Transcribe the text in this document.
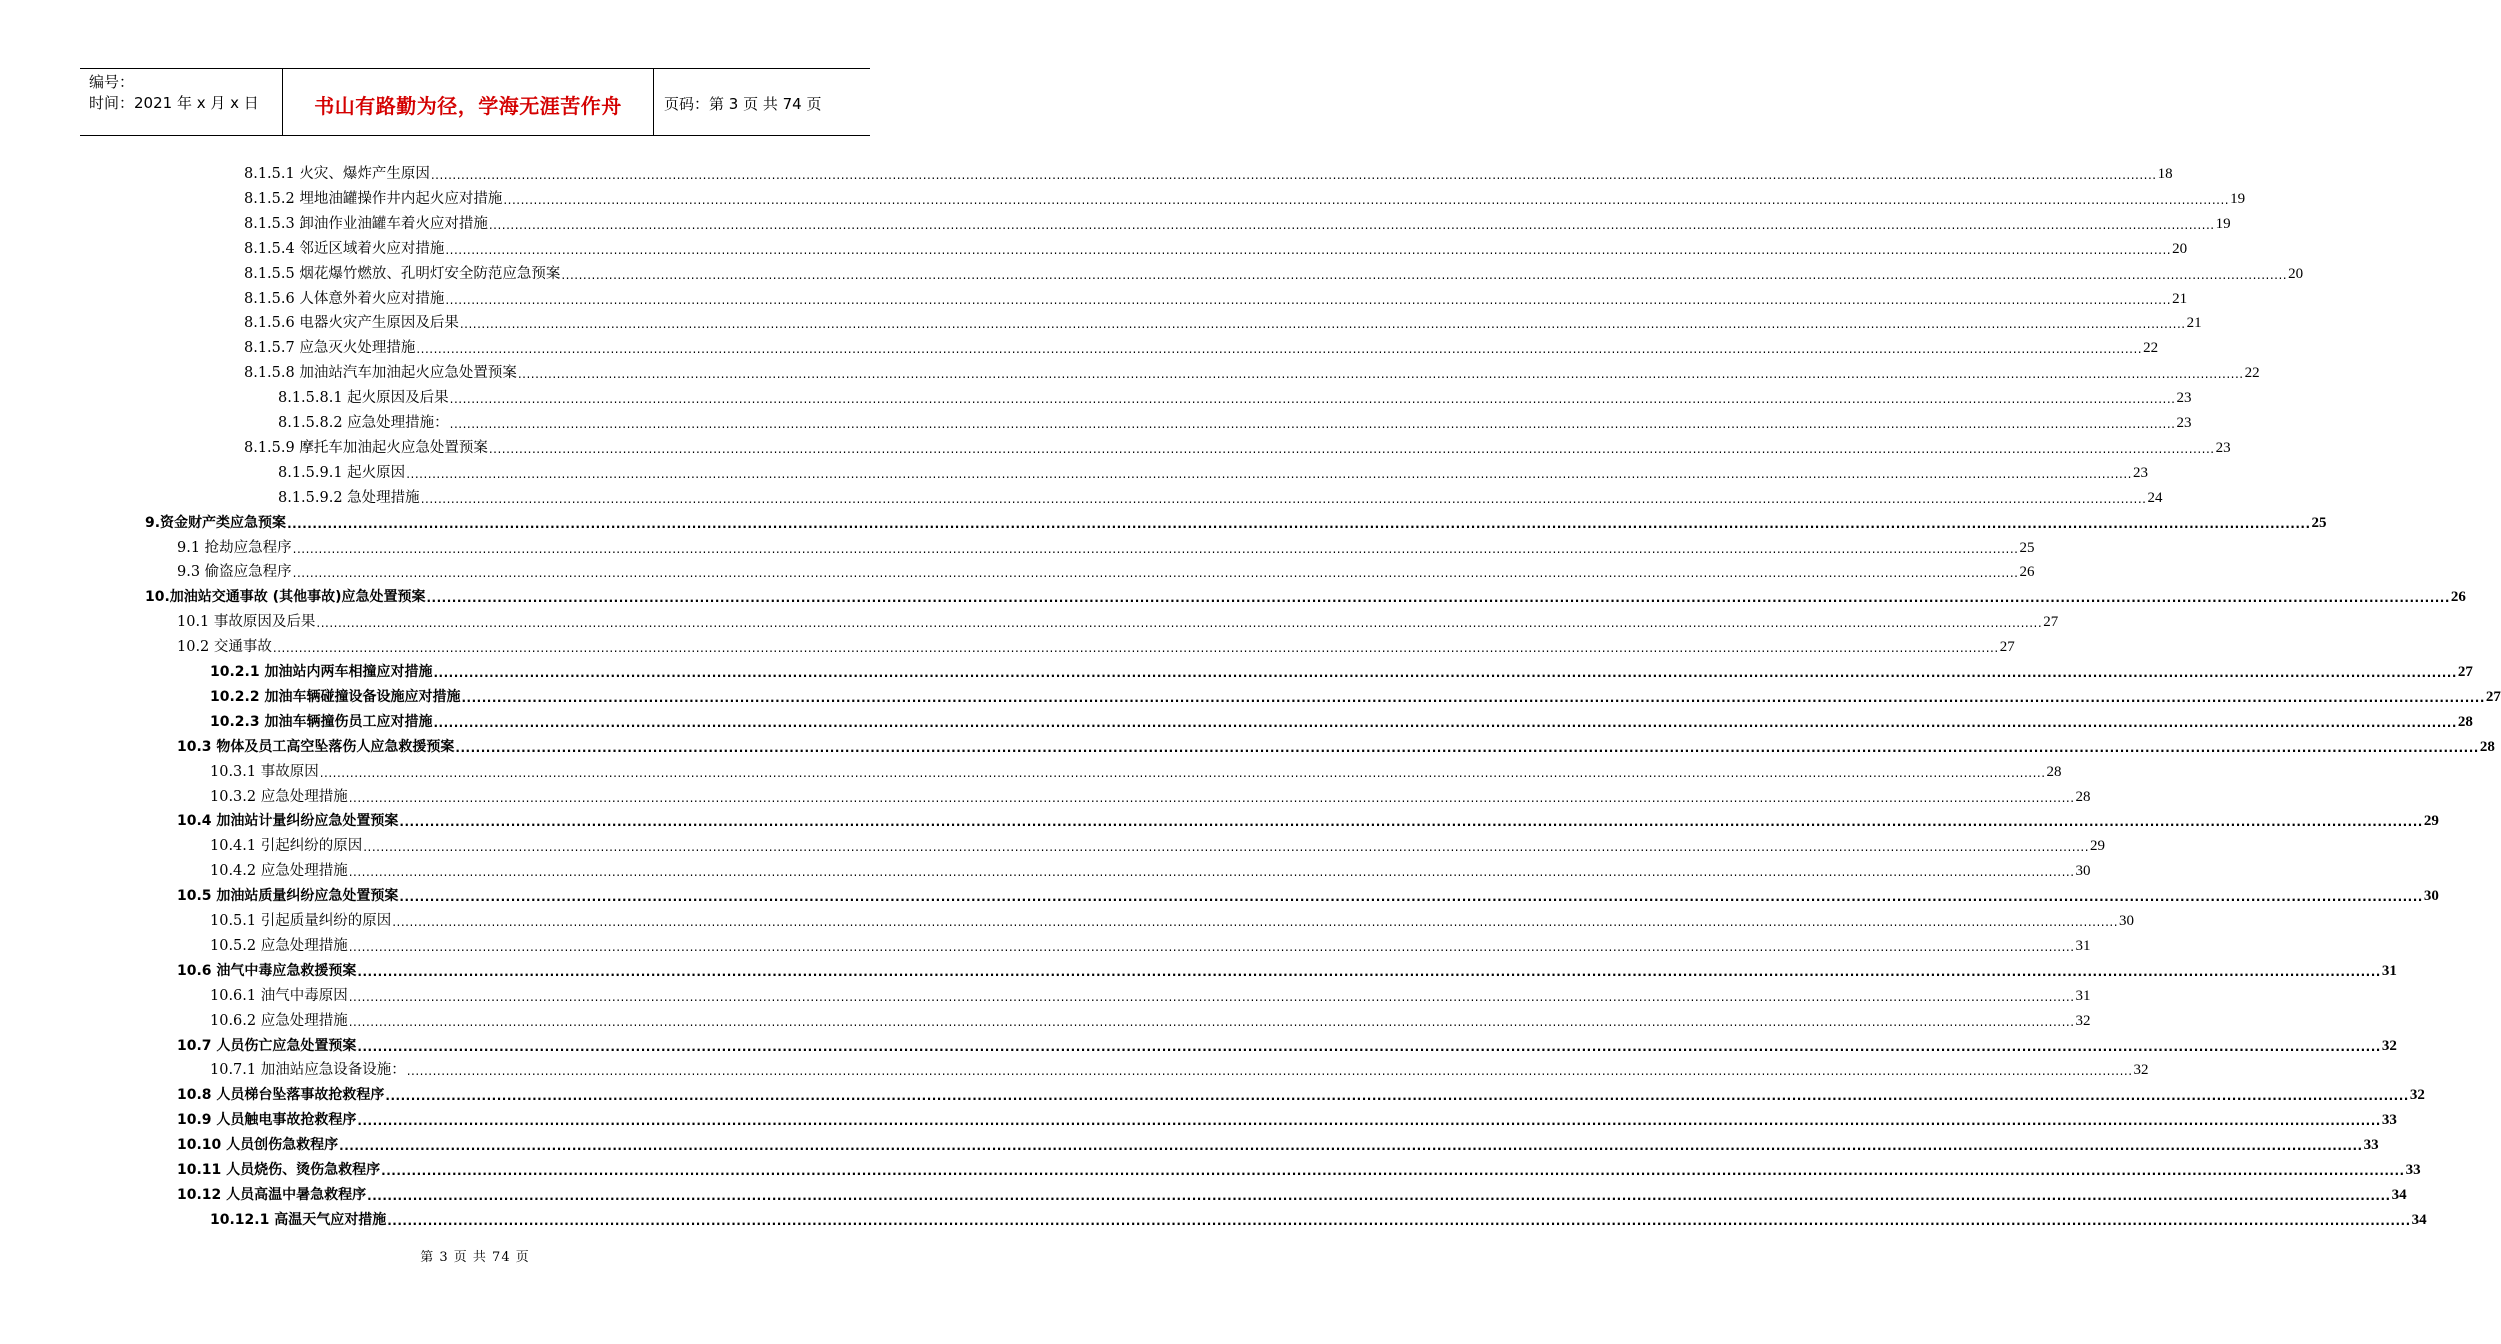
编号：
时间：2021 年 x 月 x 日	书山有路勤为径，学海无涯苦作舟	页码：第 3 页 共 74 页
8.1.5.1 火灾、爆炸产生原因 ................................................................................................................................................................................................................................................................................................................................................................................................................ 18
8.1.5.2 埋地油罐操作井内起火应对措施 ................................................................................................................................................................................................................................................................................................................................................................................................................ 19
8.1.5.3 卸油作业油罐车着火应对措施 ................................................................................................................................................................................................................................................................................................................................................................................................................ 19
8.1.5.4 邻近区域着火应对措施 ................................................................................................................................................................................................................................................................................................................................................................................................................ 20
8.1.5.5 烟花爆竹燃放、孔明灯安全防范应急预案 ................................................................................................................................................................................................................................................................................................................................................................................................................ 20
8.1.5.6 人体意外着火应对措施 ................................................................................................................................................................................................................................................................................................................................................................................................................ 21
8.1.5.6 电器火灾产生原因及后果 ................................................................................................................................................................................................................................................................................................................................................................................................................ 21
8.1.5.7 应急灭火处理措施 ................................................................................................................................................................................................................................................................................................................................................................................................................ 22
8.1.5.8 加油站汽车加油起火应急处置预案 ................................................................................................................................................................................................................................................................................................................................................................................................................ 22
8.1.5.8.1 起火原因及后果 ................................................................................................................................................................................................................................................................................................................................................................................................................ 23
8.1.5.8.2 应急处理措施： ................................................................................................................................................................................................................................................................................................................................................................................................................ 23
8.1.5.9 摩托车加油起火应急处置预案 ................................................................................................................................................................................................................................................................................................................................................................................................................ 23
8.1.5.9.1 起火原因 ................................................................................................................................................................................................................................................................................................................................................................................................................ 23
8.1.5.9.2 急处理措施 ................................................................................................................................................................................................................................................................................................................................................................................................................ 24
9.资金财产类应急预案 ................................................................................................................................................................................................................................................................................................................................................................................................................ 25
9.1 抢劫应急程序 ................................................................................................................................................................................................................................................................................................................................................................................................................ 25
9.3 偷盗应急程序 ................................................................................................................................................................................................................................................................................................................................................................................................................ 26
10.加油站交通事故 (其他事故)应急处置预案 ................................................................................................................................................................................................................................................................................................................................................................................................................ 26
10.1 事故原因及后果 ................................................................................................................................................................................................................................................................................................................................................................................................................ 27
10.2 交通事故 ................................................................................................................................................................................................................................................................................................................................................................................................................ 27
10.2.1 加油站内两车相撞应对措施 ................................................................................................................................................................................................................................................................................................................................................................................................................ 27
10.2.2 加油车辆碰撞设备设施应对措施 ................................................................................................................................................................................................................................................................................................................................................................................................................ 27
10.2.3 加油车辆撞伤员工应对措施 ................................................................................................................................................................................................................................................................................................................................................................................................................ 28
10.3 物体及员工高空坠落伤人应急救援预案 ................................................................................................................................................................................................................................................................................................................................................................................................................ 28
10.3.1 事故原因 ................................................................................................................................................................................................................................................................................................................................................................................................................ 28
10.3.2 应急处理措施 ................................................................................................................................................................................................................................................................................................................................................................................................................ 28
10.4 加油站计量纠纷应急处置预案 ................................................................................................................................................................................................................................................................................................................................................................................................................ 29
10.4.1 引起纠纷的原因 ................................................................................................................................................................................................................................................................................................................................................................................................................ 29
10.4.2 应急处理措施 ................................................................................................................................................................................................................................................................................................................................................................................................................ 30
10.5 加油站质量纠纷应急处置预案 ................................................................................................................................................................................................................................................................................................................................................................................................................ 30
10.5.1 引起质量纠纷的原因 ................................................................................................................................................................................................................................................................................................................................................................................................................ 30
10.5.2 应急处理措施 ................................................................................................................................................................................................................................................................................................................................................................................................................ 31
10.6 油气中毒应急救援预案 ................................................................................................................................................................................................................................................................................................................................................................................................................ 31
10.6.1 油气中毒原因 ................................................................................................................................................................................................................................................................................................................................................................................................................ 31
10.6.2 应急处理措施 ................................................................................................................................................................................................................................................................................................................................................................................................................ 32
10.7 人员伤亡应急处置预案 ................................................................................................................................................................................................................................................................................................................................................................................................................ 32
10.7.1 加油站应急设备设施： ................................................................................................................................................................................................................................................................................................................................................................................................................ 32
10.8 人员梯台坠落事故抢救程序 ................................................................................................................................................................................................................................................................................................................................................................................................................ 32
10.9 人员触电事故抢救程序 ................................................................................................................................................................................................................................................................................................................................................................................................................ 33
10.10 人员创伤急救程序 ................................................................................................................................................................................................................................................................................................................................................................................................................ 33
10.11 人员烧伤、烫伤急救程序 ................................................................................................................................................................................................................................................................................................................................................................................................................ 33
10.12 人员高温中暑急救程序 ................................................................................................................................................................................................................................................................................................................................................................................................................ 34
10.12.1 高温天气应对措施 ................................................................................................................................................................................................................................................................................................................................................................................................................ 34
第 3 页 共 74 页
